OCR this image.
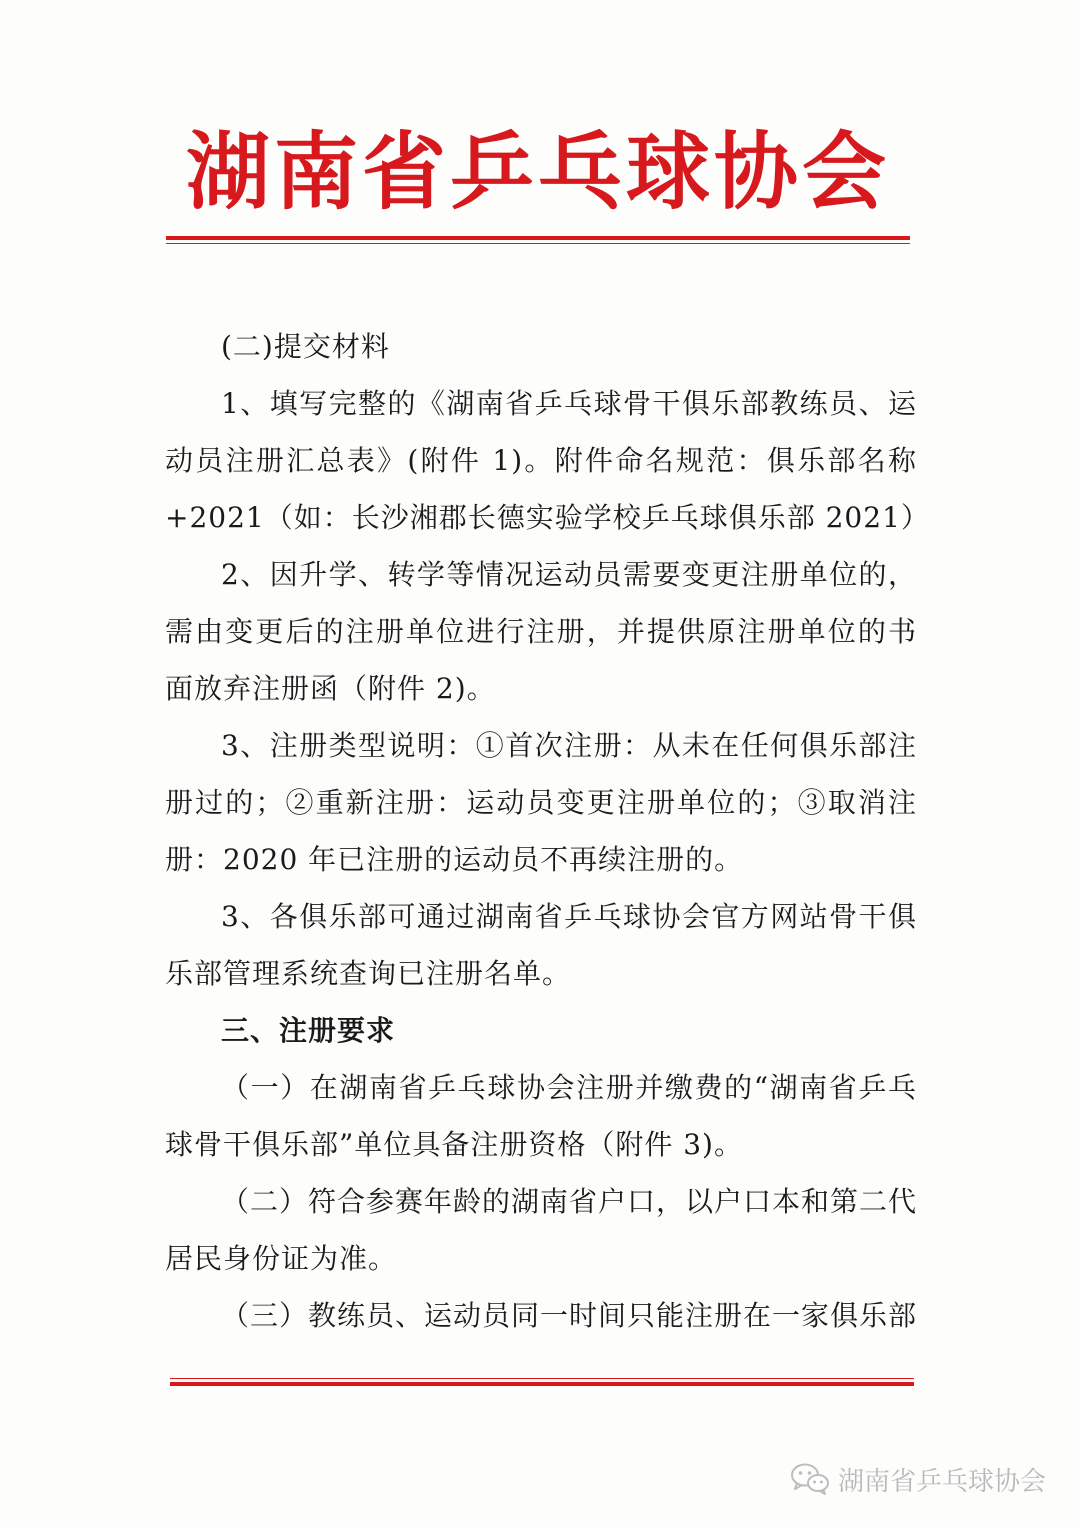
湖南省乒乓球协会

(二)提交材料

1、填写完整的《湖南省乒乓球骨干俱乐部教练员、运动员注册汇总表》(附件 1)。附件命名规范：俱乐部名称+2021（如：长沙湘郡长德实验学校乒乓球俱乐部 2021）

2、因升学、转学等情况运动员需要变更注册单位的，需由变更后的注册单位进行注册，并提供原注册单位的书面放弃注册函（附件 2)。

3、注册类型说明：①首次注册：从未在任何俱乐部注册过的；②重新注册：运动员变更注册单位的；③取消注册：2020 年已注册的运动员不再续注册的。

3、各俱乐部可通过湖南省乒乓球协会官方网站骨干俱乐部管理系统查询已注册名单。

三、注册要求

（一）在湖南省乒乓球协会注册并缴费的“湖南省乒乓球骨干俱乐部”单位具备注册资格（附件 3)。

（二）符合参赛年龄的湖南省户口，以户口本和第二代居民身份证为准。

（三）教练员、运动员同一时间只能注册在一家俱乐部

湖南省乒乓球协会
